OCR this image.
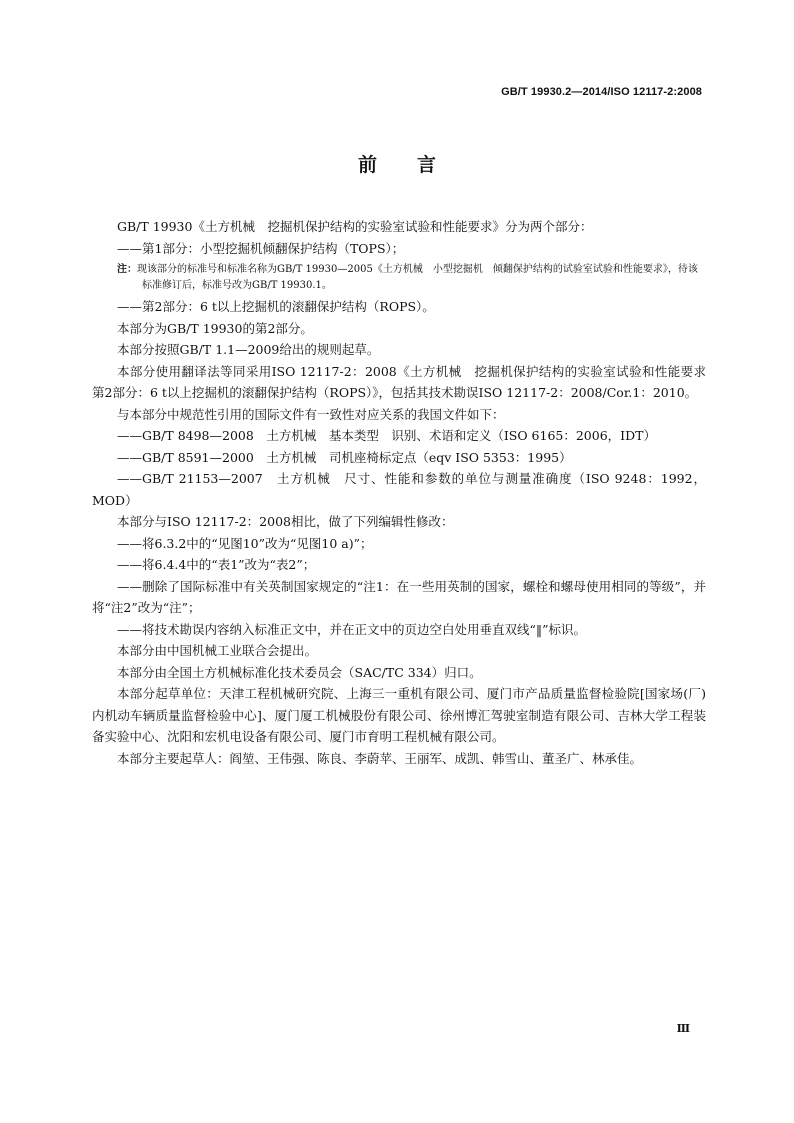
GB/T 19930.2—2014/ISO 12117-2:2008
前 言

GB/T 19930《土方机械　挖掘机保护结构的实验室试验和性能要求》分为两个部分：

——第1部分：小型挖掘机倾翻保护结构（TOPS）；

注：现该部分的标准号和标准名称为GB/T 19930—2005《土方机械　小型挖掘机　倾翻保护结构的试验室试验和性能要求》，待该标准修订后，标准号改为GB/T 19930.1。

——第2部分：6 t以上挖掘机的滚翻保护结构（ROPS）。

本部分为GB/T 19930的第2部分。

本部分按照GB/T 1.1—2009给出的规则起草。

本部分使用翻译法等同采用ISO 12117-2：2008《土方机械　挖掘机保护结构的实验室试验和性能要求　第2部分：6 t以上挖掘机的滚翻保护结构（ROPS）》，包括其技术勘误ISO 12117-2：2008/Cor.1：2010。

与本部分中规范性引用的国际文件有一致性对应关系的我国文件如下：

——GB/T 8498—2008　土方机械　基本类型　识别、术语和定义（ISO 6165：2006，IDT）

——GB/T 8591—2000　土方机械　司机座椅标定点（eqv ISO 5353：1995）

——GB/T 21153—2007　土方机械　尺寸、性能和参数的单位与测量准确度（ISO 9248：1992，MOD）

本部分与ISO 12117-2：2008相比，做了下列编辑性修改：

——将6.3.2中的“见图10”改为“见图10 a)”；

——将6.4.4中的“表1”改为“表2”；

——删除了国际标准中有关英制国家规定的“注1：在一些用英制的国家，螺栓和螺母使用相同的等级”，并将“注2”改为“注”；

——将技术勘误内容纳入标准正文中，并在正文中的页边空白处用垂直双线“‖”标识。

本部分由中国机械工业联合会提出。

本部分由全国土方机械标准化技术委员会（SAC/TC 334）归口。

本部分起草单位：天津工程机械研究院、上海三一重机有限公司、厦门市产品质量监督检验院[国家场(厂)内机动车辆质量监督检验中心]、厦门厦工机械股份有限公司、徐州博汇驾驶室制造有限公司、吉林大学工程装备实验中心、沈阳和宏机电设备有限公司、厦门市育明工程机械有限公司。

本部分主要起草人：阎堃、王伟强、陈良、李蔚苹、王丽军、成凯、韩雪山、董圣广、林承佳。

Ⅲ
